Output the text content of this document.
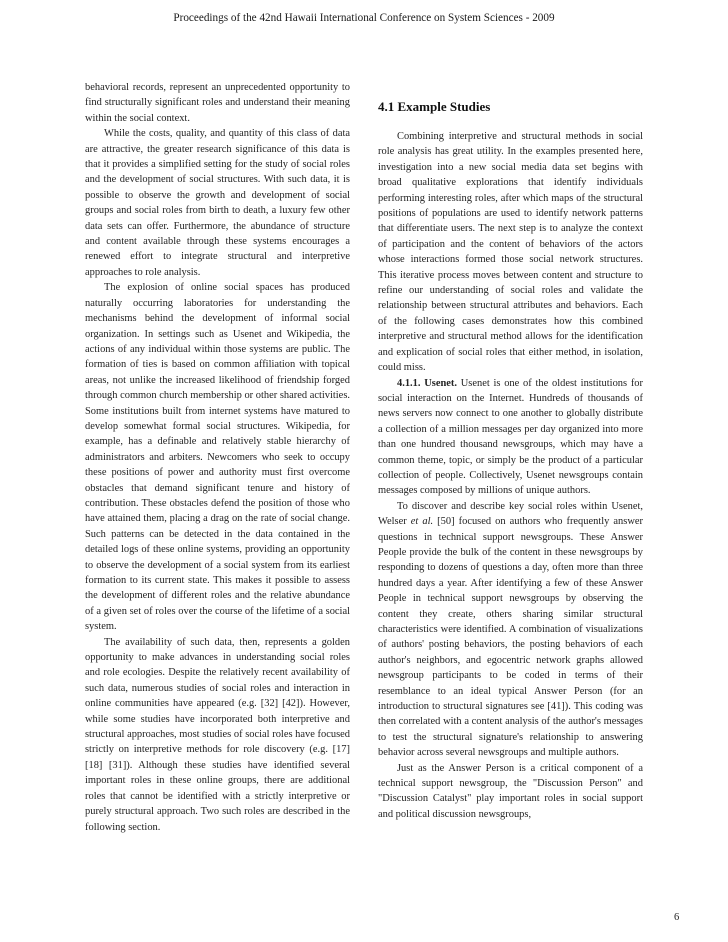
Proceedings of the 42nd Hawaii International Conference on System Sciences - 2009

behavioral records, represent an unprecedented opportunity to find structurally significant roles and understand their meaning within the social context.

While the costs, quality, and quantity of this class of data are attractive, the greater research significance of this data is that it provides a simplified setting for the study of social roles and the development of social structures. With such data, it is possible to observe the growth and development of social groups and social roles from birth to death, a luxury few other data sets can offer. Furthermore, the abundance of structure and content available through these systems encourages a renewed effort to integrate structural and interpretive approaches to role analysis.

The explosion of online social spaces has produced naturally occurring laboratories for understanding the mechanisms behind the development of informal social organization. In settings such as Usenet and Wikipedia, the actions of any individual within those systems are public. The formation of ties is based on common affiliation with topical areas, not unlike the increased likelihood of friendship forged through common church membership or other shared activities. Some institutions built from internet systems have matured to develop somewhat formal social structures. Wikipedia, for example, has a definable and relatively stable hierarchy of administrators and arbiters. Newcomers who seek to occupy these positions of power and authority must first overcome obstacles that demand significant tenure and history of contribution. These obstacles defend the position of those who have attained them, placing a drag on the rate of social change. Such patterns can be detected in the data contained in the detailed logs of these online systems, providing an opportunity to observe the development of a social system from its earliest formation to its current state. This makes it possible to assess the development of different roles and the relative abundance of a given set of roles over the course of the lifetime of a social system.

The availability of such data, then, represents a golden opportunity to make advances in understanding social roles and role ecologies. Despite the relatively recent availability of such data, numerous studies of social roles and interaction in online communities have appeared (e.g. [32] [42]). However, while some studies have incorporated both interpretive and structural approaches, most studies of social roles have focused strictly on interpretive methods for role discovery (e.g. [17] [18] [31]). Although these studies have identified several important roles in these online groups, there are additional roles that cannot be identified with a strictly interpretive or purely structural approach. Two such roles are described in the following section.

4.1 Example Studies

Combining interpretive and structural methods in social role analysis has great utility. In the examples presented here, investigation into a new social media data set begins with broad qualitative explorations that identify individuals performing interesting roles, after which maps of the structural positions of populations are used to identify network patterns that differentiate users. The next step is to analyze the context of participation and the content of behaviors of the actors whose interactions formed those social network structures. This iterative process moves between content and structure to refine our understanding of social roles and validate the relationship between structural attributes and behaviors. Each of the following cases demonstrates how this combined interpretive and structural method allows for the identification and explication of social roles that either method, in isolation, could miss.

4.1.1. Usenet. Usenet is one of the oldest institutions for social interaction on the Internet. Hundreds of thousands of news servers now connect to one another to globally distribute a collection of a million messages per day organized into more than one hundred thousand newsgroups, which may have a common theme, topic, or simply be the product of a particular collection of people. Collectively, Usenet newsgroups contain messages composed by millions of unique authors.

To discover and describe key social roles within Usenet, Welser et al. [50] focused on authors who frequently answer questions in technical support newsgroups. These Answer People provide the bulk of the content in these newsgroups by responding to dozens of questions a day, often more than three hundred days a year. After identifying a few of these Answer People in technical support newsgroups by observing the content they create, others sharing similar structural characteristics were identified. A combination of visualizations of authors' posting behaviors, the posting behaviors of each author's neighbors, and egocentric network graphs allowed newsgroup participants to be coded in terms of their resemblance to an ideal typical Answer Person (for an introduction to structural signatures see [41]). This coding was then correlated with a content analysis of the author's messages to test the structural signature's relationship to answering behavior across several newsgroups and multiple authors.

Just as the Answer Person is a critical component of a technical support newsgroup, the "Discussion Person" and "Discussion Catalyst" play important roles in social support and political discussion newsgroups,

6
